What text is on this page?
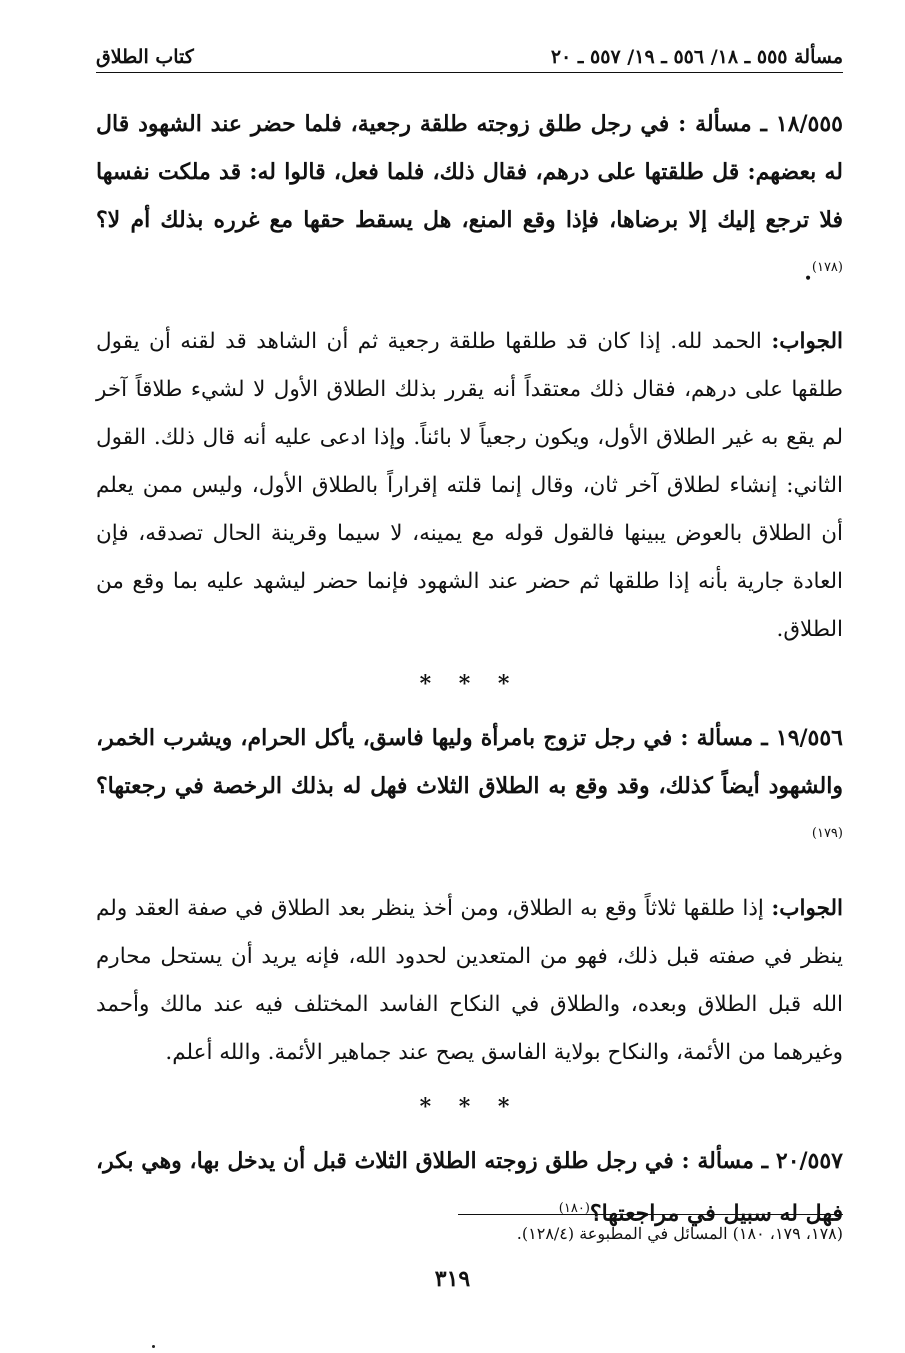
مسألة ٥٥٥ ـ ١٨/ ٥٥٦ ـ ١٩/ ٥٥٧ ـ ٢٠
كتاب الطلاق

١٨/٥٥٥ ـ مسألة : في رجل طلق زوجته طلقة رجعية، فلما حضر عند الشهود قال له بعضهم: قل طلقتها على درهم، فقال ذلك، فلما فعل، قالوا له: قد ملكت نفسها فلا ترجع إليك إلا برضاها، فإذا وقع المنع، هل يسقط حقها مع غرره بذلك أم لا؟$^{(١٧٨)}$.

الجواب: الحمد لله. إذا كان قد طلقها طلقة رجعية ثم أن الشاهد قد لقنه أن يقول طلقها على درهم، فقال ذلك معتقداً أنه يقرر بذلك الطلاق الأول لا لشيء طلاقاً آخر لم يقع به غير الطلاق الأول، ويكون رجعياً لا بائناً. وإذا ادعى عليه أنه قال ذلك. القول الثاني: إنشاء لطلاق آخر ثان، وقال إنما قلته إقراراً بالطلاق الأول، وليس ممن يعلم أن الطلاق بالعوض يبينها فالقول قوله مع يمينه، لا سيما وقرينة الحال تصدقه، فإن العادة جارية بأنه إذا طلقها ثم حضر عند الشهود فإنما حضر ليشهد عليه بما وقع من الطلاق.

* * *

١٩/٥٥٦ ـ مسألة : في رجل تزوج بامرأة وليها فاسق، يأكل الحرام، ويشرب الخمر، والشهود أيضاً كذلك، وقد وقع به الطلاق الثلاث فهل له بذلك الرخصة في رجعتها؟$^{(١٧٩)}$

الجواب: إذا طلقها ثلاثاً وقع به الطلاق، ومن أخذ ينظر بعد الطلاق في صفة العقد ولم ينظر في صفته قبل ذلك، فهو من المتعدين لحدود الله، فإنه يريد أن يستحل محارم الله قبل الطلاق وبعده، والطلاق في النكاح الفاسد المختلف فيه عند مالك وأحمد وغيرهما من الأئمة، والنكاح بولاية الفاسق يصح عند جماهير الأئمة. والله أعلم.

* * *

٢٠/٥٥٧ ـ مسألة : في رجل طلق زوجته الطلاق الثلاث قبل أن يدخل بها، وهي بكر، فهل له سبيل في مراجعتها؟$^{(١٨٠)}$

(١٧٨، ١٧٩، ١٨٠) المسائل في المطبوعة (١٢٨/٤).
٣١٩
